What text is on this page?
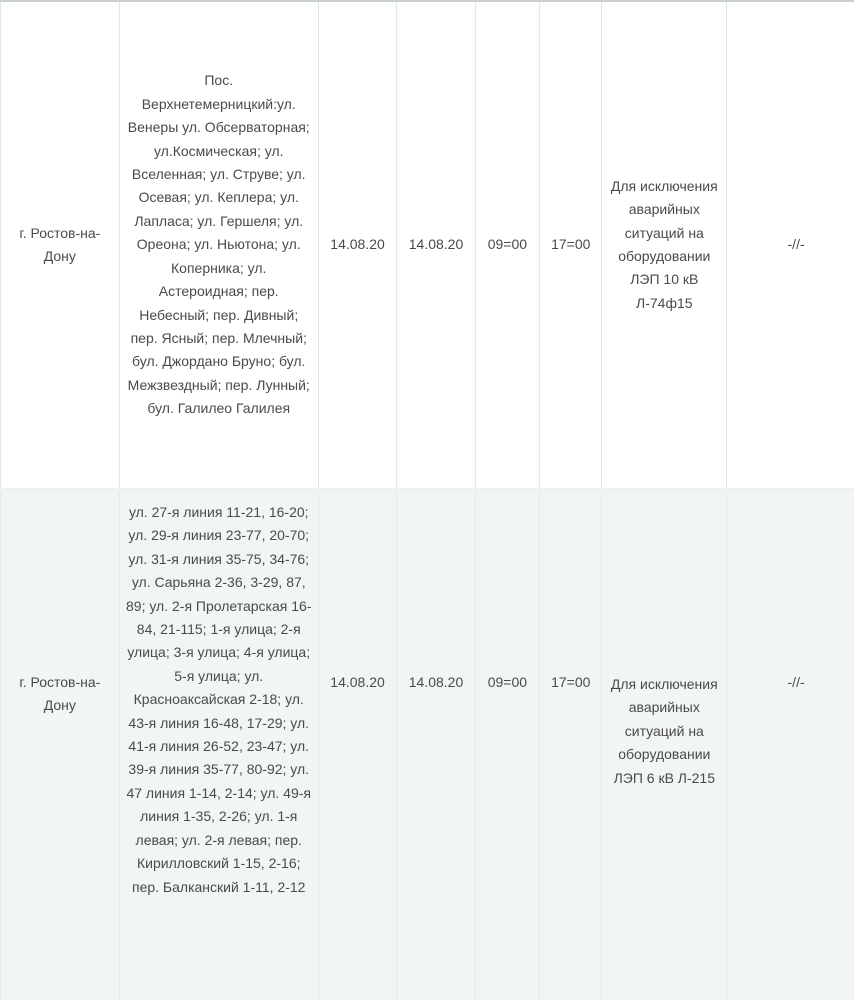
г. Ростов-на-Дону	Пос. Верхнетемерницкий:ул. Венеры ул. Обсерваторная; ул.Космическая; ул. Вселенная; ул. Струве; ул. Осевая; ул. Кеплера; ул. Лапласа; ул. Гершеля; ул. Ореона; ул. Ньютона; ул. Коперника; ул. Астероидная; пер. Небесный; пер. Дивный; пер. Ясный; пер. Млечный; бул. Джордано Бруно; бул. Межзвездный; пер. Лунный; бул. Галилео Галилея	14.08.20	14.08.20	09=00	17=00	Для исключения аварийных ситуаций на оборудовании ЛЭП 10 кВ Л-74ф15	-//-

г. Ростов-на-Дону	ул. 27-я линия 11-21, 16-20; ул. 29-я линия 23-77, 20-70; ул. 31-я линия 35-75, 34-76; ул. Сарьяна 2-36, 3-29, 87, 89; ул. 2-я Пролетарская 16-84, 21-115; 1-я улица; 2-я улица; 3-я улица; 4-я улица; 5-я улица; ул. Красноаксайская 2-18; ул. 43-я линия 16-48, 17-29; ул. 41-я линия 26-52, 23-47; ул. 39-я линия 35-77, 80-92; ул. 47 линия 1-14, 2-14; ул. 49-я линия 1-35, 2-26; ул. 1-я левая; ул. 2-я левая; пер. Кирилловский 1-15, 2-16; пер. Балканский 1-11, 2-12	14.08.20	14.08.20	09=00	17=00	Для исключения аварийных ситуаций на оборудовании ЛЭП 6 кВ Л-215	-//-
